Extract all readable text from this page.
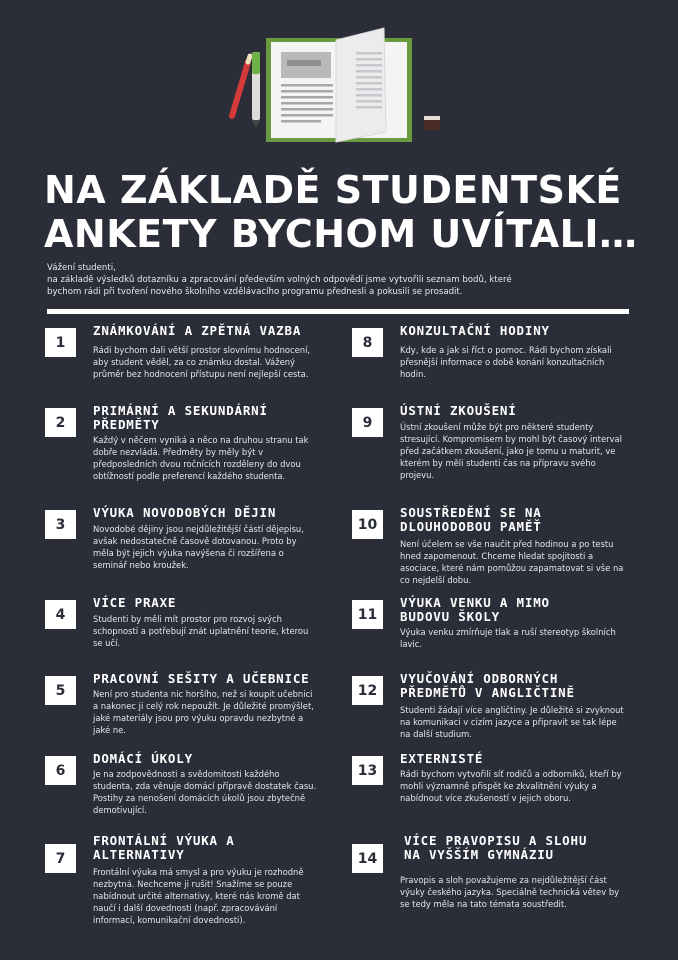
NA ZÁKLADĚ STUDENTSKÉ
ANKETY BYCHOM UVÍTALI…

Vážení studenti,
na základě výsledků dotazníku a zpracování především volných odpovědí jsme vytvořili seznam bodů, které
bychom rádi při tvoření nového školního vzdělávacího programu přednesli a pokusili se prosadit.

1
ZNÁMKOVÁNÍ A ZPĚTNÁ VAZBA

Rádi bychom dali větší prostor slovnímu hodnocení, aby student věděl, za co známku dostal. Vážený průměr bez hodnocení přístupu není nejlepší cesta.

2
PRIMÁRNÍ A SEKUNDÁRNÍ PŘEDMĚTY

Každý v něčem vyniká a něco na druhou stranu tak dobře nezvládá. Předměty by měly být v předposledních dvou ročnících rozděleny do dvou obtížností podle preferencí každého studenta.

3
VÝUKA NOVODOBÝCH DĚJIN

Novodobé dějiny jsou nejdůležitější částí dějepisu, avšak nedostatečně časově dotovanou. Proto by měla být jejich výuka navýšena či rozšířena o seminář nebo kroužek.

4
VÍCE PRAXE

Studenti by měli mít prostor pro rozvoj svých schopností a potřebují znát uplatnění teorie, kterou se učí.

5
PRACOVNÍ SEŠITY A UČEBNICE

Není pro studenta nic horšího, než si koupit učebnici a nakonec ji celý rok nepoužít. Je důležité promýšlet, jaké materiály jsou pro výuku opravdu nezbytné a jaké ne.

6
DOMÁCÍ ÚKOLY

Je na zodpovědnosti a svědomitosti každého studenta, zda věnuje domácí přípravě dostatek času. Postihy za nenošení domácích úkolů jsou zbytečně demotivující.

7
FRONTÁLNÍ VÝUKA A ALTERNATIVY

Frontální výuka má smysl a pro výuku je rozhodně nezbytná. Nechceme ji rušit! Snažíme se pouze nabídnout určité alternativy, které nás kromě dat naučí i další dovednosti (např. zpracovávání informací, komunikační dovednosti).

8
KONZULTAČNÍ HODINY

Kdy, kde a jak si říct o pomoc. Rádi bychom získali přesnější informace o době konání konzultačních hodin.

9
ÚSTNÍ ZKOUŠENÍ

Ústní zkoušení může být pro některé studenty stresující. Kompromisem by mohl být časový interval před začátkem zkoušení, jako je tomu u maturit, ve kterém by měli studenti čas na přípravu svého projevu.

10
SOUSTŘEDĚNÍ SE NA DLOUHODOBOU PAMĚŤ

Není účelem se vše naučit před hodinou a po testu hned zapomenout. Chceme hledat spojitosti a asociace, které nám pomůžou zapamatovat si vše na co nejdelší dobu.

11
VÝUKA VENKU A MIMO BUDOVU ŠKOLY

Výuka venku zmírňuje tlak a ruší stereotyp školních lavic.

12
VYUČOVÁNÍ ODBORNÝCH PŘEDMĚTŮ V ANGLIČTINĚ

Studenti žádají více angličtiny. Je důležité si zvyknout na komunikaci v cizím jazyce a připravit se tak lépe na další studium.

13
EXTERNISTÉ

Rádi bychom vytvořili síť rodičů a odborníků, kteří by mohli významně přispět ke zkvalitnění výuky a nabídnout více zkušeností v jejich oboru.

14
VÍCE PRAVOPISU A SLOHU NA VYŠŠÍM GYMNÁZIU

Pravopis a sloh považujeme za nejdůležitější část výuky českého jazyka. Speciálně technická větev by se tedy měla na tato témata soustředit.
